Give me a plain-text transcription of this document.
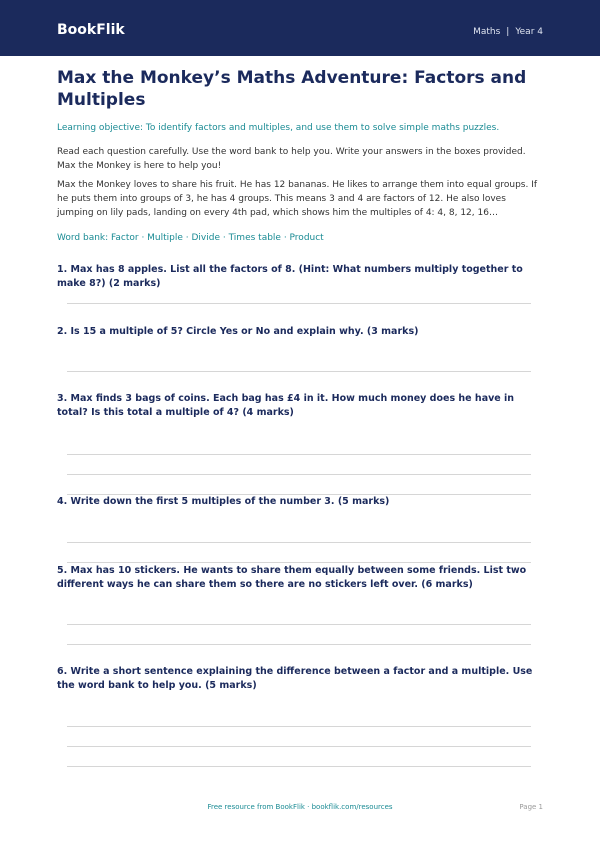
BookFlik	Maths | Year 4
Max the Monkey’s Maths Adventure: Factors and Multiples
Learning objective: To identify factors and multiples, and use them to solve simple maths puzzles.
Read each question carefully. Use the word bank to help you. Write your answers in the boxes provided. Max the Monkey is here to help you!
Max the Monkey loves to share his fruit. He has 12 bananas. He likes to arrange them into equal groups. If he puts them into groups of 3, he has 4 groups. This means 3 and 4 are factors of 12. He also loves jumping on lily pads, landing on every 4th pad, which shows him the multiples of 4: 4, 8, 12, 16…
Word bank: Factor · Multiple · Divide · Times table · Product
1. Max has 8 apples. List all the factors of 8. (Hint: What numbers multiply together to make 8?) (2 marks)
2. Is 15 a multiple of 5? Circle Yes or No and explain why. (3 marks)
3. Max finds 3 bags of coins. Each bag has £4 in it. How much money does he have in total? Is this total a multiple of 4? (4 marks)
4. Write down the first 5 multiples of the number 3. (5 marks)
5. Max has 10 stickers. He wants to share them equally between some friends. List two different ways he can share them so there are no stickers left over. (6 marks)
6. Write a short sentence explaining the difference between a factor and a multiple. Use the word bank to help you. (5 marks)
Free resource from BookFlik · bookflik.com/resources	Page 1
